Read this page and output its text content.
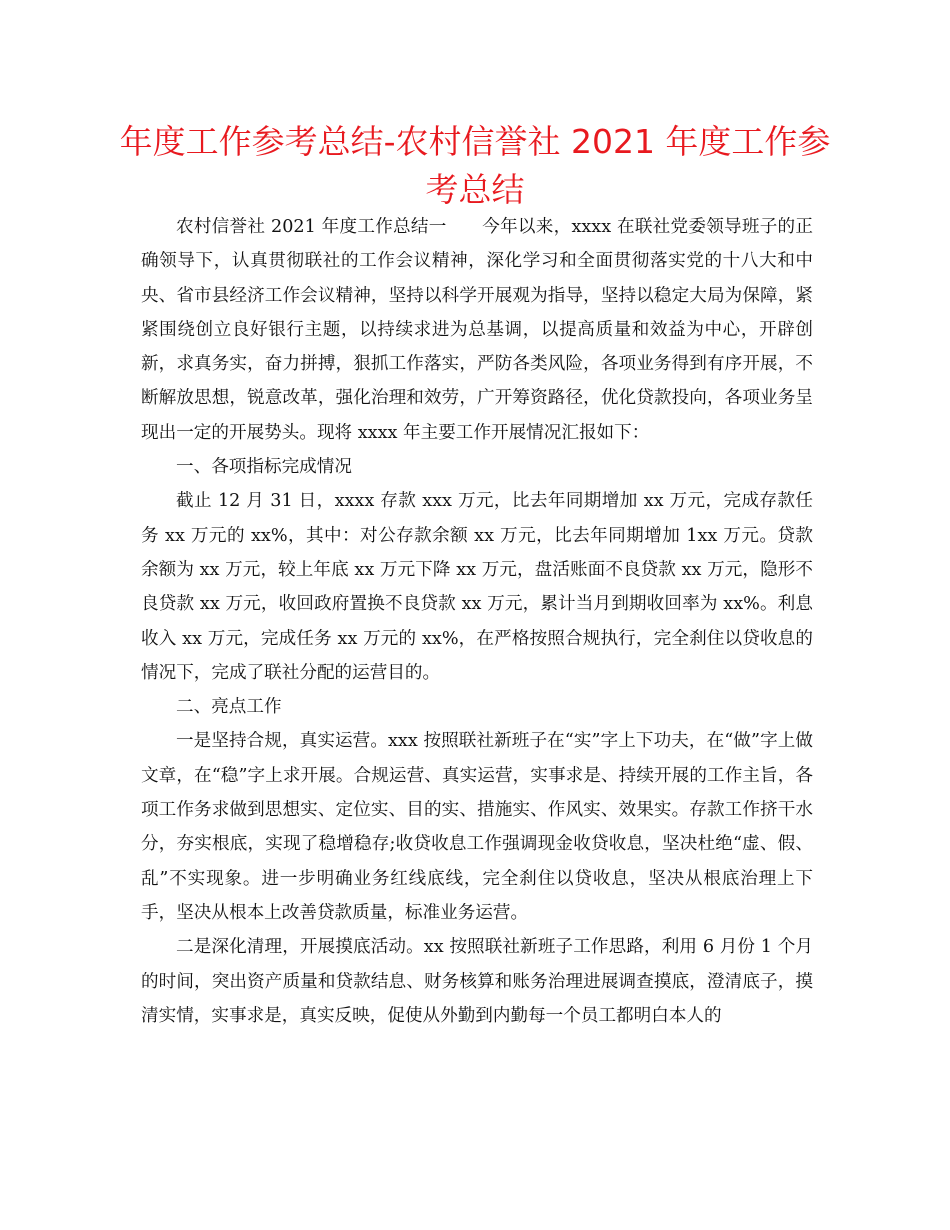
年度工作参考总结-农村信誉社 2021 年度工作参
考总结

农村信誉社 2021 年度工作总结一　　今年以来，xxxx 在联社党委领导班子的正确领导下，认真贯彻联社的工作会议精神，深化学习和全面贯彻落实党的十八大和中央、省市县经济工作会议精神，坚持以科学开展观为指导，坚持以稳定大局为保障，紧紧围绕创立良好银行主题，以持续求进为总基调，以提高质量和效益为中心，开辟创新，求真务实，奋力拼搏，狠抓工作落实，严防各类风险，各项业务得到有序开展，不断解放思想，锐意改革，强化治理和效劳，广开筹资路径，优化贷款投向，各项业务呈现出一定的开展势头。现将 xxxx 年主要工作开展情况汇报如下：

一、各项指标完成情况

截止 12 月 31 日，xxxx 存款 xxx 万元，比去年同期增加 xx 万元，完成存款任务 xx 万元的 xx%，其中：对公存款余额 xx 万元，比去年同期增加 1xx 万元。贷款余额为 xx 万元，较上年底 xx 万元下降 xx 万元，盘活账面不良贷款 xx 万元，隐形不良贷款 xx 万元，收回政府置换不良贷款 xx 万元，累计当月到期收回率为 xx%。利息收入 xx 万元，完成任务 xx 万元的 xx%，在严格按照合规执行，完全刹住以贷收息的情况下，完成了联社分配的运营目的。

二、亮点工作

一是坚持合规，真实运营。xxx 按照联社新班子在“实”字上下功夫，在“做”字上做文章，在“稳”字上求开展。合规运营、真实运营，实事求是、持续开展的工作主旨，各项工作务求做到思想实、定位实、目的实、措施实、作风实、效果实。存款工作挤干水分，夯实根底，实现了稳增稳存;收贷收息工作强调现金收贷收息，坚决杜绝“虚、假、乱”不实现象。进一步明确业务红线底线，完全刹住以贷收息，坚决从根底治理上下手，坚决从根本上改善贷款质量，标准业务运营。

二是深化清理，开展摸底活动。xx 按照联社新班子工作思路，利用 6 月份 1 个月的时间，突出资产质量和贷款结息、财务核算和账务治理进展调查摸底，澄清底子，摸清实情，实事求是，真实反映，促使从外勤到内勤每一个员工都明白本人的
